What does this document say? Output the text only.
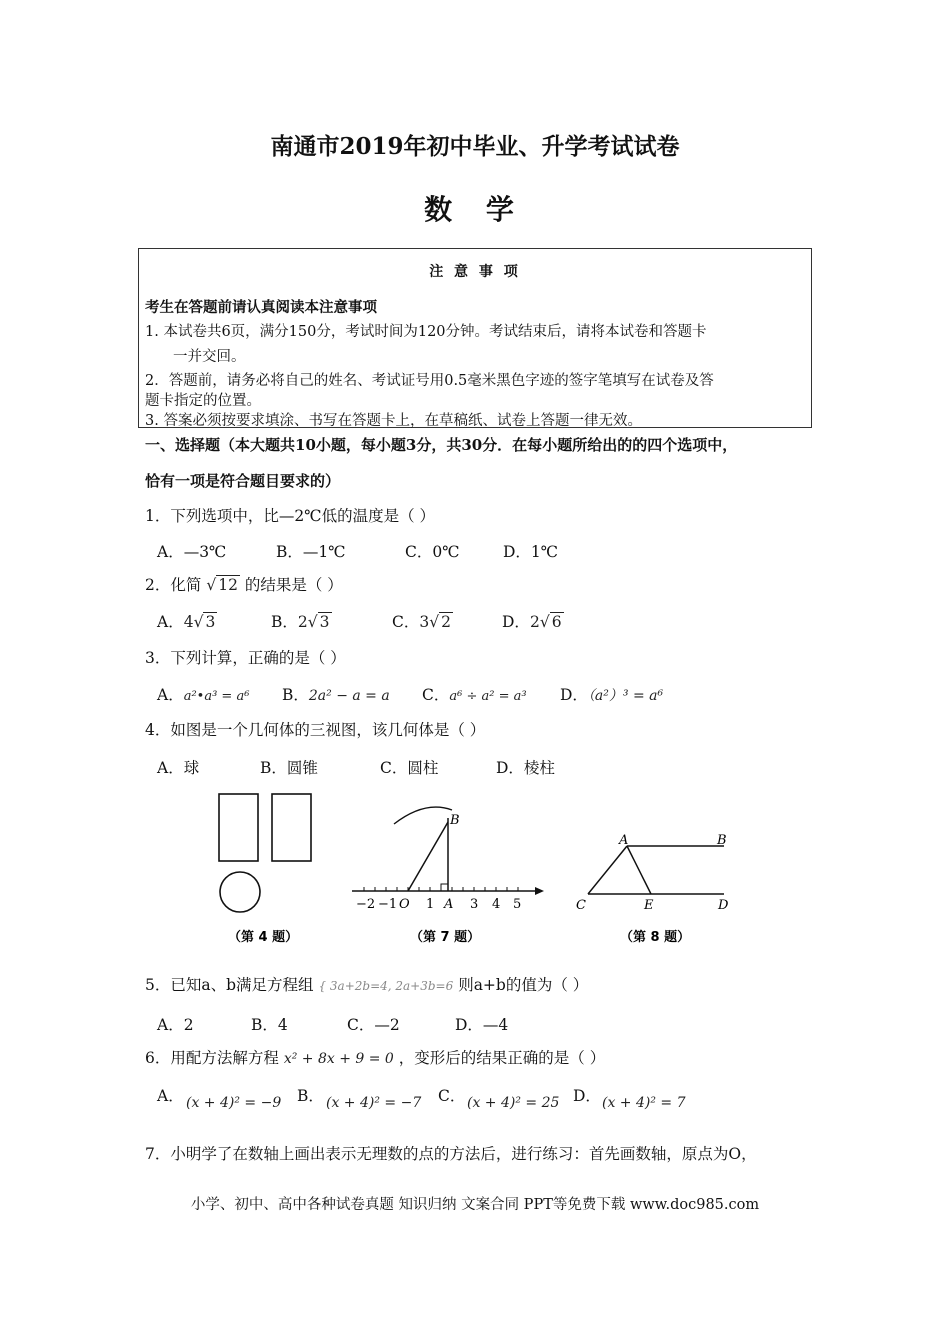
南通市2019年初中毕业、升学考试试卷
数 学
注 意 事 项
考生在答题前请认真阅读本注意事项
1. 本试卷共6页，满分150分，考试时间为120分钟。考试结束后，请将本试卷和答题卡
一并交回。
2．答题前，请务必将自己的姓名、考试证号用0.5毫米黑色字迹的签字笔填写在试卷及答
题卡指定的位置。
3. 答案必须按要求填涂、书写在答题卡上，在草稿纸、试卷上答题一律无效。
一、选择题（本大题共10小题，每小题3分，共30分．在每小题所给出的的四个选项中，
恰有一项是符合题目要求的）
1．下列选项中，比—2℃低的温度是（ ）
A．—3℃	B．—1℃	C．0℃	D．1℃
2．化简 √ 12 的结果是（ ）
A．4√ 3	B．2√ 3	C．3√ 2	D．2√ 6
3．下列计算，正确的是（ ）
A．a²•a³ = a⁶ B．2a² − a = a C．a⁶ ÷ a² = a³ D．（a²）³ = a⁶
4．如图是一个几何体的三视图，该几何体是（ ）
A．球	B．圆锥	C．圆柱	D．棱柱
B
−2 −1 O 1 A 3 4 5
A	B
C	E	D
（第 4 题）	（第 7 题）	（第 8 题）
5．已知a、b满足方程组 { 3a+2b=4, 2a+3b=6 则a+b的值为（ ）
A．2	B．4	C．—2	D．—4
6．用配方法解方程 x² + 8x + 9 = 0 ，变形后的结果正确的是（ ）
A． (x + 4)² = −9 B． (x + 4)² = −7 C． (x + 4)² = 25 D． (x + 4)² = 7
7．小明学了在数轴上画出表示无理数的点的方法后，进行练习：首先画数轴，原点为O，
小学、初中、高中各种试卷真题 知识归纳 文案合同 PPT等免费下载 www.doc985.com
